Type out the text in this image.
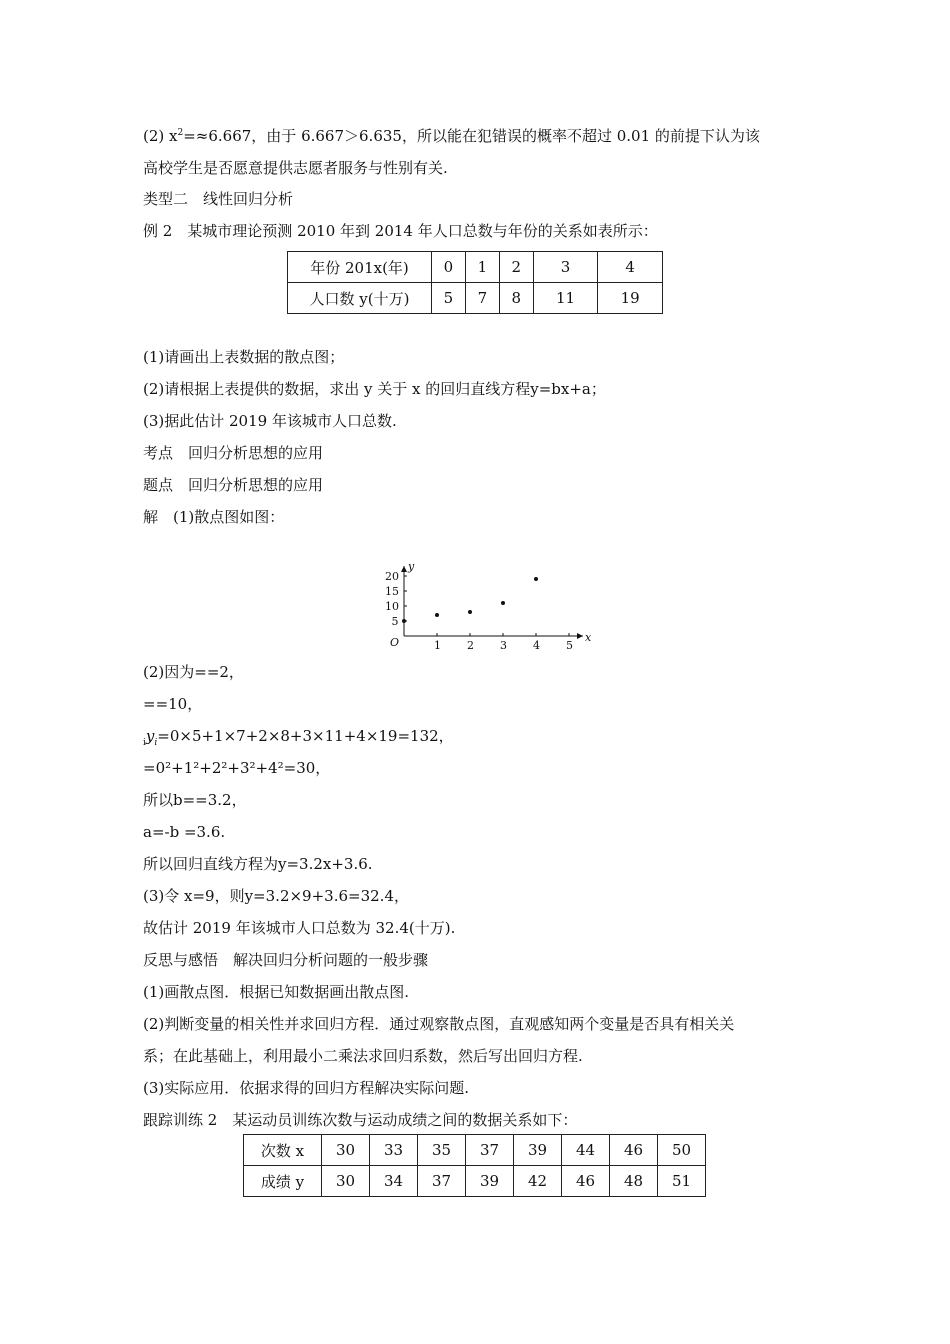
(2) $x^2=\approx 6.667$，由于 6.667＞6.635，所以能在犯错误的概率不超过 0.01 的前提下认为该
高校学生是否愿意提供志愿者服务与性别有关.
类型二　线性回归分析
例 2　某城市理论预测 2010 年到 2014 年人口总数与年份的关系如表所示：
年份 201x(年)	0	1	2	3	4
人口数 y(十万)	5	7	8	11	19
(1)请画出上表数据的散点图；
(2)请根据上表提供的数据，求出 y 关于 x 的回归直线方程y=bx+a；
(3)据此估计 2019 年该城市人口总数.
考点　回归分析思想的应用
题点　回归分析思想的应用
解　(1)散点图如图：
x
y
O	1 2 3 4 5
5
10
15
20
(2)因为==2，
==10，
$_iy_i=0\times 5+1\times 7+2\times 8+3\times 11+4\times 19=132$，
=0²+1²+2²+3²+4²=30，
所以b==3.2，
a=-b =3.6.
所以回归直线方程为y=3.2x+3.6.
(3)令 x=9，则y=3.2×9+3.6=32.4，
故估计 2019 年该城市人口总数为 32.4(十万).
反思与感悟　解决回归分析问题的一般步骤
(1)画散点图．根据已知数据画出散点图.
(2)判断变量的相关性并求回归方程．通过观察散点图，直观感知两个变量是否具有相关关
系；在此基础上，利用最小二乘法求回归系数，然后写出回归方程.
(3)实际应用．依据求得的回归方程解决实际问题.
跟踪训练 2　某运动员训练次数与运动成绩之间的数据关系如下：
次数 x	30	33	35	37	39	44	46	50
成绩 y	30	34	37	39	42	46	48	51
